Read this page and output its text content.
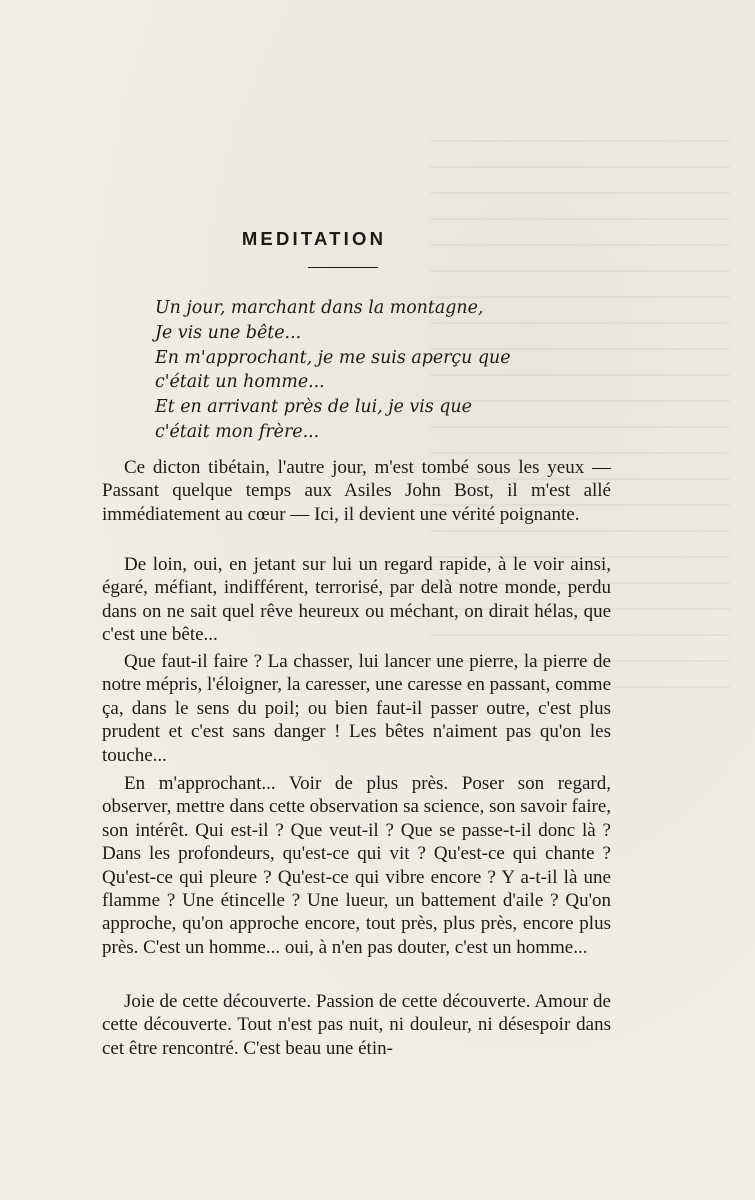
MEDITATION
Un jour, marchant dans la montagne,
Je vis une bête...
En m'approchant, je me suis aperçu que
c'était un homme...
Et en arrivant près de lui, je vis que
c'était mon frère...

Ce dicton tibétain, l'autre jour, m'est tombé sous les yeux — Passant quelque temps aux Asiles John Bost, il m'est allé immédiatement au cœur — Ici, il devient une vérité poignante.

De loin, oui, en jetant sur lui un regard rapide, à le voir ainsi, égaré, méfiant, indifférent, terrorisé, par delà notre monde, perdu dans on ne sait quel rêve heureux ou méchant, on dirait hélas, que c'est une bête...

Que faut-il faire ? La chasser, lui lancer une pierre, la pierre de notre mépris, l'éloigner, la caresser, une caresse en passant, comme ça, dans le sens du poil; ou bien faut-il passer outre, c'est plus prudent et c'est sans danger ! Les bêtes n'aiment pas qu'on les touche...

En m'approchant... Voir de plus près. Poser son regard, observer, mettre dans cette observation sa science, son savoir faire, son intérêt. Qui est-il ? Que veut-il ? Que se passe-t-il donc là ? Dans les profondeurs, qu'est-ce qui vit ? Qu'est-ce qui chante ? Qu'est-ce qui pleure ? Qu'est-ce qui vibre encore ? Y a-t-il là une flamme ? Une étincelle ? Une lueur, un battement d'aile ? Qu'on approche, qu'on approche encore, tout près, plus près, encore plus près. C'est un homme... oui, à n'en pas douter, c'est un homme...

Joie de cette découverte. Passion de cette découverte. Amour de cette découverte. Tout n'est pas nuit, ni douleur, ni désespoir dans cet être rencontré. C'est beau une étin-
